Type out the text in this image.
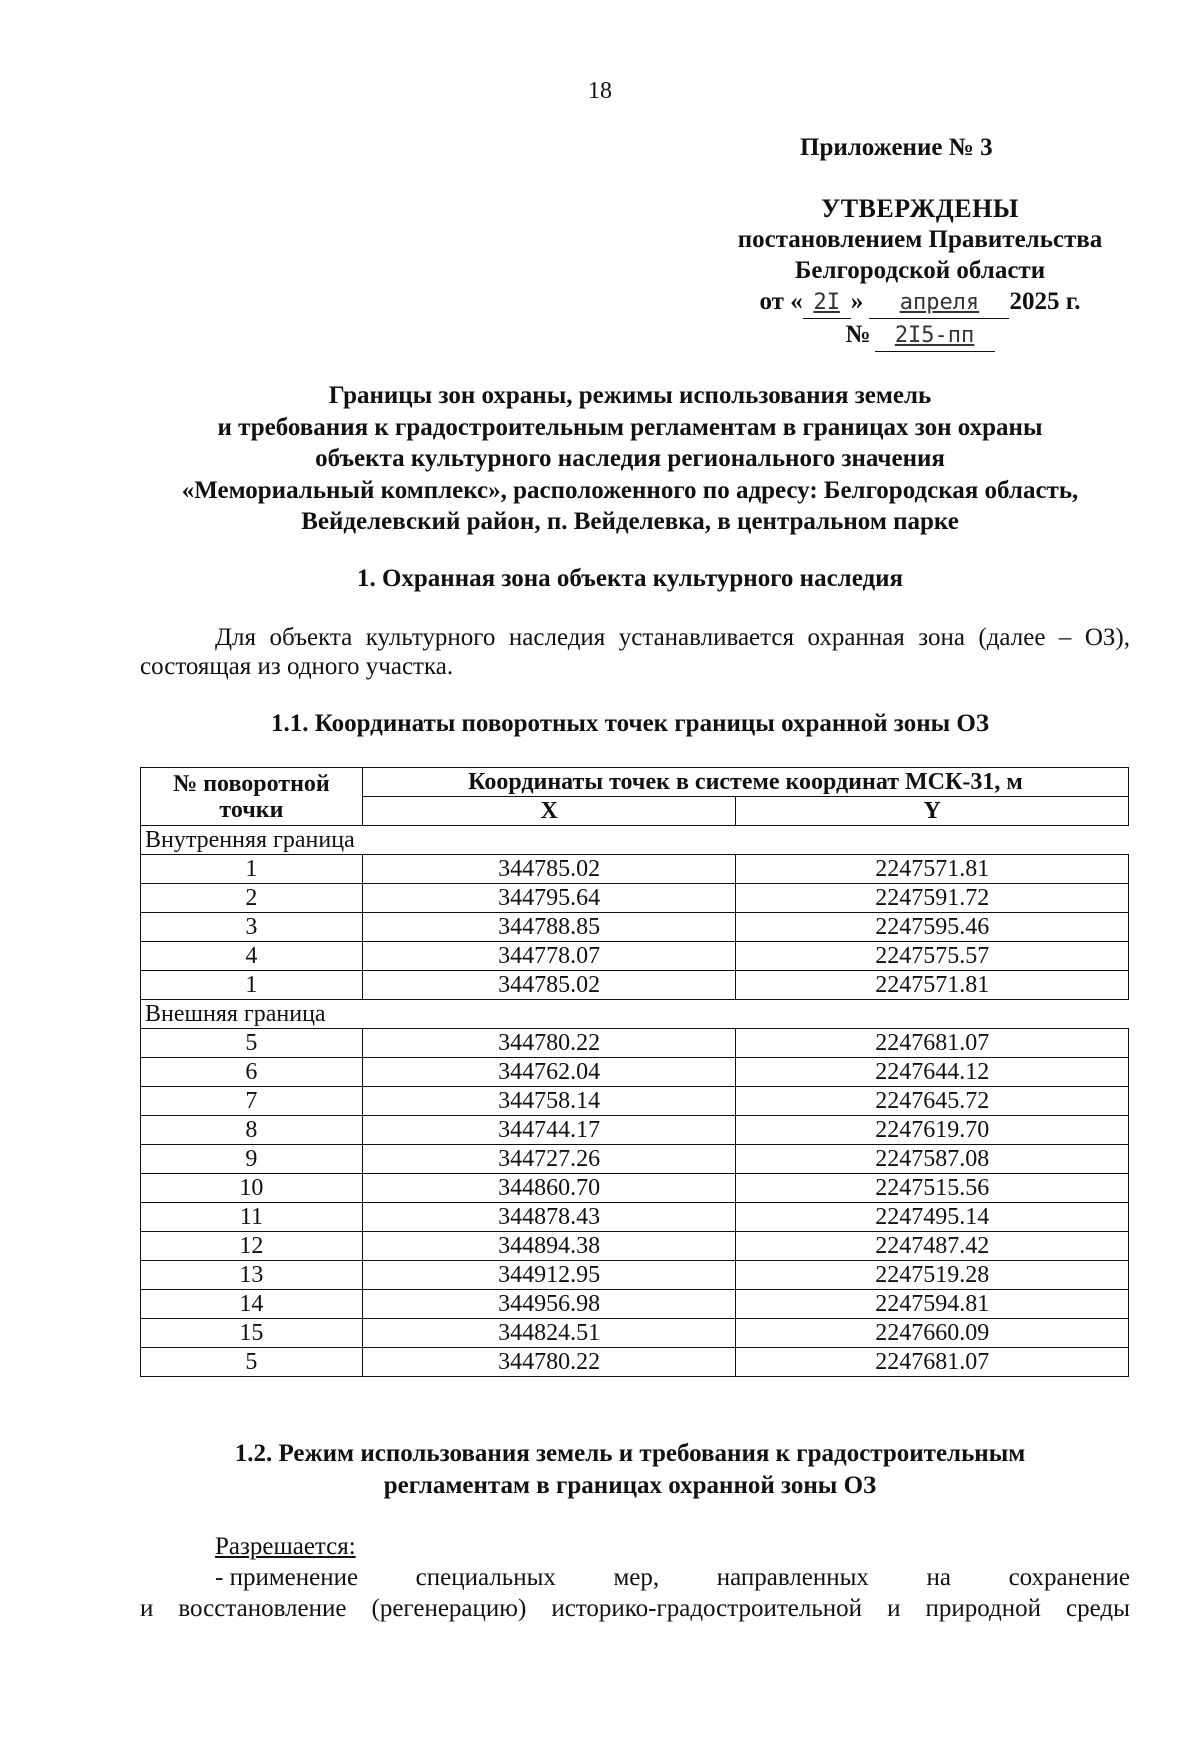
18
Приложение № 3
УТВЕРЖДЕНЫ
постановлением Правительства
Белгородской области
от « 2I » апреля 2025 г.
№ 2I5-пп
Границы зон охраны, режимы использования земель
и требования к градостроительным регламентам в границах зон охраны
объекта культурного наследия регионального значения
«Мемориальный комплекс», расположенного по адресу: Белгородская область,
Вейделевский район, п. Вейделевка, в центральном парке
1. Охранная зона объекта культурного наследия
Для объекта культурного наследия устанавливается охранная зона (далее – ОЗ), состоящая из одного участка.
1.1. Координаты поворотных точек границы охранной зоны ОЗ
№ поворотной
точки	Координаты точек в системе координат МСК-31, м	
	X	Y
Внутренняя граница		
1	344785.02	2247571.81
2	344795.64	2247591.72
3	344788.85	2247595.46
4	344778.07	2247575.57
1	344785.02	2247571.81
Внешняя граница		
5	344780.22	2247681.07
6	344762.04	2247644.12
7	344758.14	2247645.72
8	344744.17	2247619.70
9	344727.26	2247587.08
10	344860.70	2247515.56
11	344878.43	2247495.14
12	344894.38	2247487.42
13	344912.95	2247519.28
14	344956.98	2247594.81
15	344824.51	2247660.09
5	344780.22	2247681.07
1.2. Режим использования земель и требования к градостроительным
регламентам в границах охранной зоны ОЗ
Разрешается:
- применение специальных мер, направленных на сохранение
и восстановление (регенерацию) историко-градостроительной и природной среды
